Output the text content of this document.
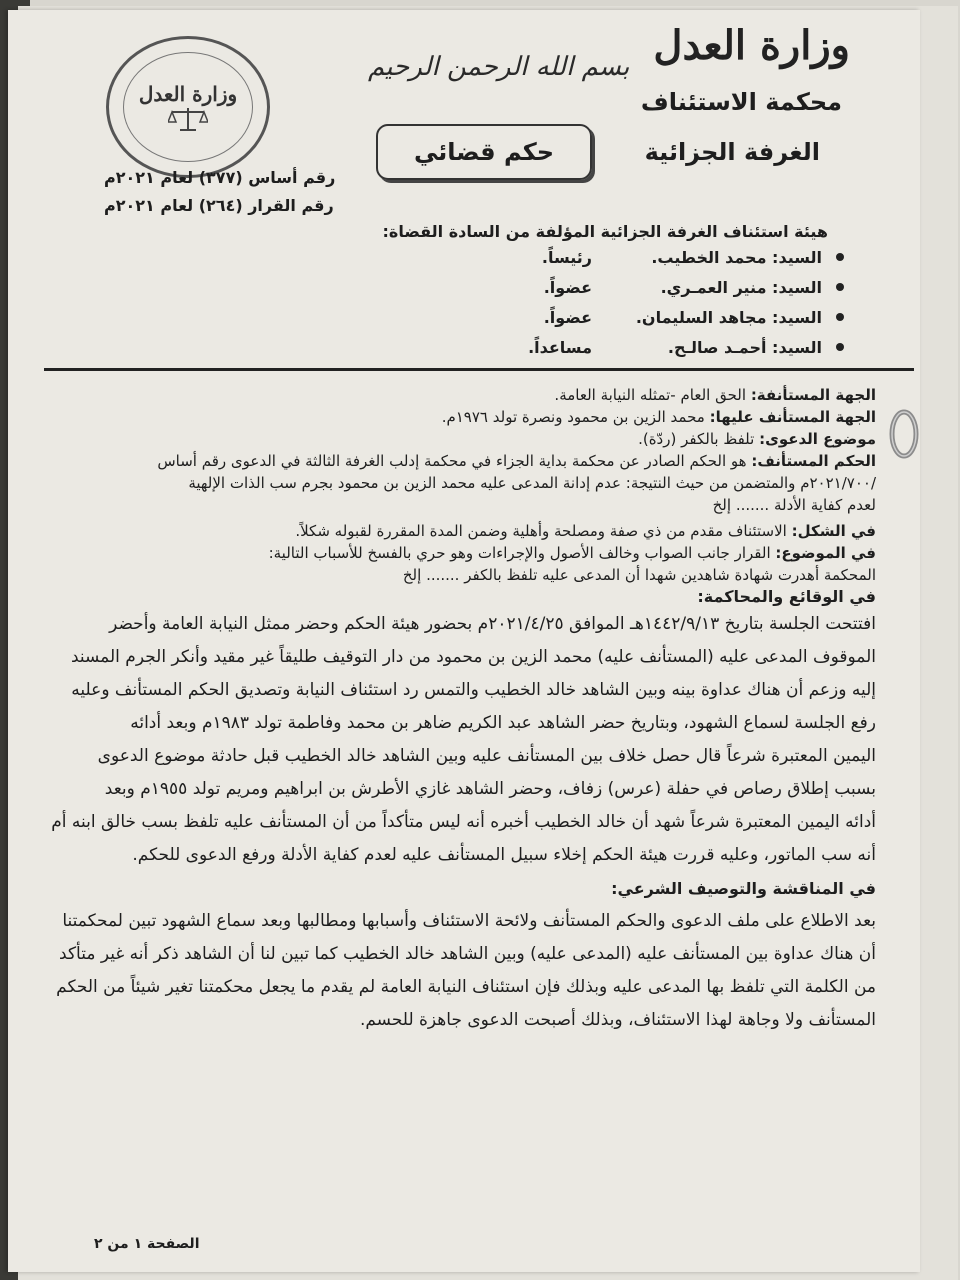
وزارة العدل
محكمة الاستئناف
الغرفة الجزائية
بسم الله الرحمن الرحيم
حكم قضائي
وزارة العدل
رقم أساس (٣٧٧) لعام ٢٠٢١م
رقم القرار (٢٦٤) لعام ٢٠٢١م
هيئة استئناف الغرفة الجزائية المؤلفة من السادة القضاة:
السيد: محمد الخطيب.
رئيساً.
السيد: منير العمـري.
عضواً.
السيد: مجاهد السليمان.
عضواً.
السيد: أحمـد صالـح.
مساعداً.
الجهة المستأنفة: الحق العام -تمثله النيابة العامة.
الجهة المستأنف عليها: محمد الزين بن محمود ونصرة تولد ١٩٧٦م.
موضوع الدعوى: تلفظ بالكفر (ردّة).
الحكم المستأنف: هو الحكم الصادر عن محكمة بداية الجزاء في محكمة إدلب الغرفة الثالثة في الدعوى رقم أساس
/٢٠٢١/٧٠٠م والمتضمن من حيث النتيجة: عدم إدانة المدعى عليه محمد الزين بن محمود بجرم سب الذات الإلهية
لعدم كفاية الأدلة ....... إلخ
في الشكل: الاستئناف مقدم من ذي صفة ومصلحة وأهلية وضمن المدة المقررة لقبوله شكلاً.
في الموضوع: القرار جانب الصواب وخالف الأصول والإجراءات وهو حري بالفسخ للأسباب التالية:
المحكمة أهدرت شهادة شاهدين شهدا أن المدعى عليه تلفظ بالكفر ....... إلخ
في الوقائع والمحاكمة:
افتتحت الجلسة بتاريخ ١٤٤٢/٩/١٣هـ الموافق ٢٠٢١/٤/٢٥م بحضور هيئة الحكم وحضر ممثل النيابة العامة وأحضر
الموقوف المدعى عليه (المستأنف عليه) محمد الزين بن محمود من دار التوقيف طليقاً غير مقيد وأنكر الجرم المسند
إليه وزعم أن هناك عداوة بينه وبين الشاهد خالد الخطيب والتمس رد استئناف النيابة وتصديق الحكم المستأنف وعليه
رفع الجلسة لسماع الشهود، وبتاريخ حضر الشاهد عبد الكريم ضاهر بن محمد وفاطمة تولد ١٩٨٣م وبعد أدائه
اليمين المعتبرة شرعاً قال حصل خلاف بين المستأنف عليه وبين الشاهد خالد الخطيب قبل حادثة موضوع الدعوى
بسبب إطلاق رصاص في حفلة (عرس) زفاف، وحضر الشاهد غازي الأطرش بن ابراهيم ومريم تولد ١٩٥٥م وبعد
أدائه اليمين المعتبرة شرعاً شهد أن خالد الخطيب أخبره أنه ليس متأكداً من أن المستأنف عليه تلفظ بسب خالق ابنه أم
أنه سب الماتور، وعليه قررت هيئة الحكم إخلاء سبيل المستأنف عليه لعدم كفاية الأدلة ورفع الدعوى للحكم.
في المناقشة والتوصيف الشرعي:
بعد الاطلاع على ملف الدعوى والحكم المستأنف ولائحة الاستئناف وأسبابها ومطالبها وبعد سماع الشهود تبين لمحكمتنا
أن هناك عداوة بين المستأنف عليه (المدعى عليه) وبين الشاهد خالد الخطيب كما تبين لنا أن الشاهد ذكر أنه غير متأكد
من الكلمة التي تلفظ بها المدعى عليه وبذلك فإن استئناف النيابة العامة لم يقدم ما يجعل محكمتنا تغير شيئاً من الحكم
المستأنف ولا وجاهة لهذا الاستئناف، وبذلك أصبحت الدعوى جاهزة للحسم.
الصفحة ١ من ٢
